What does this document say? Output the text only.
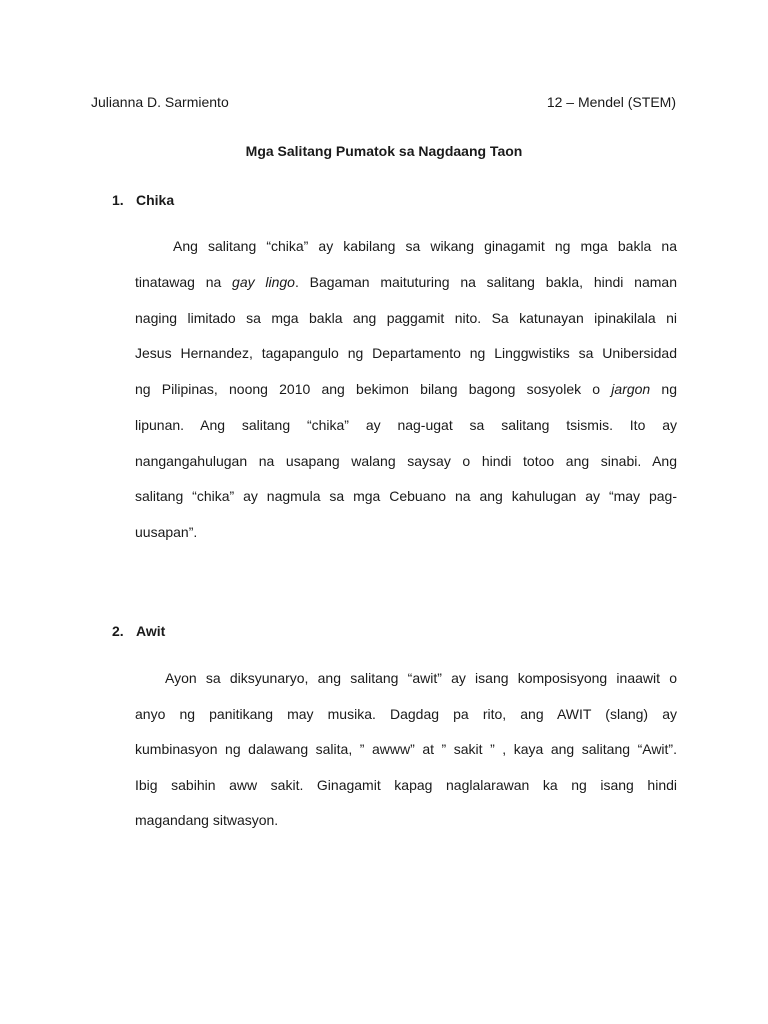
Julianna D. Sarmiento	12 – Mendel (STEM)
Mga Salitang Pumatok sa Nagdaang Taon
1. Chika
Ang salitang “chika” ay kabilang sa wikang ginagamit ng mga bakla na
tinatawag na gay lingo. Bagaman maituturing na salitang bakla, hindi naman
naging limitado sa mga bakla ang paggamit nito. Sa katunayan ipinakilala ni
Jesus Hernandez, tagapangulo ng Departamento ng Linggwistiks sa Unibersidad
ng Pilipinas, noong 2010 ang bekimon bilang bagong sosyolek o jargon ng
lipunan. Ang salitang “chika” ay nag-ugat sa salitang tsismis. Ito ay
nangangahulugan na usapang walang saysay o hindi totoo ang sinabi. Ang
salitang “chika” ay nagmula sa mga Cebuano na ang kahulugan ay “may pag-
uusapan”.
2. Awit
Ayon sa diksyunaryo, ang salitang “awit” ay isang komposisyong inaawit o
anyo ng panitikang may musika. Dagdag pa rito, ang AWIT (slang) ay
kumbinasyon ng dalawang salita, ” awww” at ” sakit ” , kaya ang salitang “Awit”.
Ibig sabihin aww sakit. Ginagamit kapag naglalarawan ka ng isang hindi
magandang sitwasyon.
